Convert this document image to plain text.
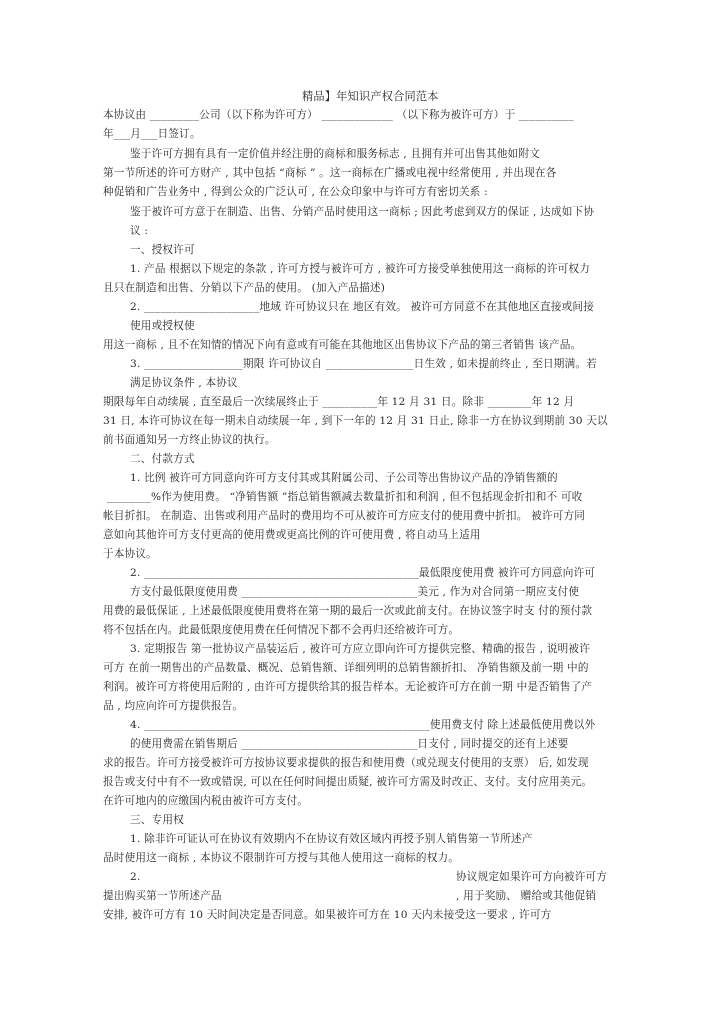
精品】年知识产权合同范本
本协议由 _________公司（以下称为许可方） _____________ （以下称为被许可方）于 __________
年___月___日签订。
鉴于许可方拥有具有一定价值并经注册的商标和服务标志 , 且拥有并可出售其他如附文
第一节所述的许可方财产 , 其中包括 “商标 ” 。这一商标在广播或电视中经常使用 , 并出现在各
种促销和广告业务中 , 得到公众的广泛认可 , 在公众印象中与许可方有密切关系 :
鉴于被许可方意于在制造、出售、分销产品时使用这一商标 ; 因此考虑到双方的保证 , 达成如下协
议 :
一、授权许可
1. 产品 根据以下规定的条款 , 许可方授与被许可方 , 被许可方接受单独使用这一商标的许可权力
且只在制造和出售、分销以下产品的使用。 (加入产品描述)
2. _____________________地域 许可协议只在 地区有效。 被许可方同意不在其他地区直接或间接
使用或授权使
用这一商标 , 且不在知情的情况下向有意或有可能在其他地区出售协议下产品的第三者销售 该产品。
3. __________________期限 许可协议自 ________________日生效 , 如未提前终止 , 至日期满。若
满足协议条件 , 本协议
期限每年自动续展 , 直至最后一次续展终止于 __________年 12 月 31 日。除非 ________年 12 月
31 日, 本许可协议在每一期未自动续展一年 , 到下一年的 12 月 31 日止, 除非一方在协议到期前 30 天以
前书面通知另一方终止协议的执行。
二、付款方式
1. 比例 被许可方同意向许可方支付其或其附属公司、子公司等出售协议产品的净销售额的
________%作为使用费。 “净销售额 ”指总销售额减去数量折扣和利润 , 但不包括现金折扣和不 可收
帐目折扣。 在制造、出售或利用产品时的费用均不可从被许可方应支付的使用费中折扣。 被许可方同
意如向其他许可方支付更高的使用费或更高比例的许可使用费 , 将自动马上适用
于本协议。
2. __________________________________________________最低限度使用费 被许可方同意向许可
方支付最低限度使用费 ________________________________美元 , 作为对合同第一期应支付使
用费的最低保证 , 上述最低限度使用费将在第一期的最后一次或此前支付。在协议签字时支 付的预付款
将不包括在内。此最低限度使用费在任何情况下都不会再归还给被许可方。
3. 定期报告 第一批协议产品装运后 , 被许可方应立即向许可方提供完整、精确的报告 , 说明被许
可方 在前一期售出的产品数量、概况、总销售额、详细列明的总销售额折扣、 净销售额及前一期 中的
利润。被许可方将使用后附的 , 由许可方提供给其的报告样本。无论被许可方在前一期 中是否销售了产
品 , 均应向许可方提供报告。
4. ____________________________________________________使用费支付 除上述最低使用费以外
的使用费需在销售期后 ________________________________日支付 , 同时提交的还有上述要
求的报告。许可方接受被许可方按协议要求提供的报告和使用费（或兑现支付使用的支票） 后, 如发现
报告或支付中有不一致或错误, 可以在任何时间提出质疑, 被许可方需及时改正、支付。支付应用美元。
在许可地内的应缴国内税由被许可方支付。
三、专用权
1. 除非许可证认可在协议有效期内不在协议有效区域内再授予别人销售第一节所述产
品时使用这一商标 , 本协议不限制许可方授与其他人使用这一商标的权力。
2.	协议规定如果许可方向被许可方
提出购买第一节所述产品	, 用于奖励、 赠给或其他促销
安排, 被许可方有 10 天时间决定是否同意。如果被许可方在 10 天内未接受这一要求 , 许可方
